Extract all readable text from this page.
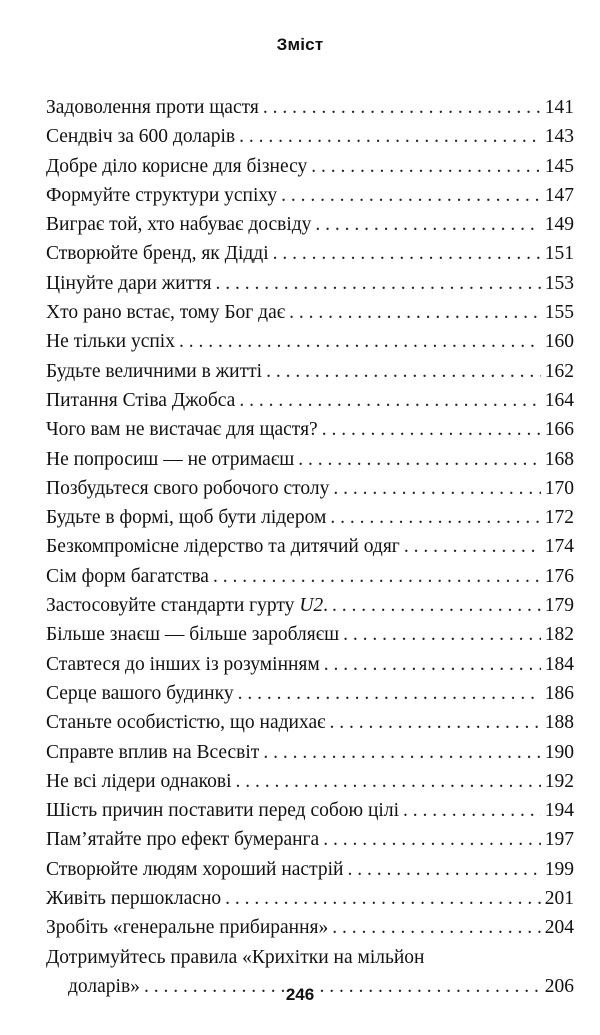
Зміст
Задоволення проти щастя . . .	141
Сендвіч за 600 доларів . . .	143
Добре діло корисне для бізнесу . . .	145
Формуйте структури успіху . . .	147
Виграє той, хто набуває досвіду . . .	149
Створюйте бренд, як Дідді . . .	151
Цінуйте дари життя . . .	153
Хто рано встає, тому Бог дає . . .	155
Не тільки успіх . . .	160
Будьте величними в житті . . .	162
Питання Стіва Джобса . . .	164
Чого вам не вистачає для щастя? . . .	166
Не попросиш — не отримаєш . . .	168
Позбудьтеся свого робочого столу . . .	170
Будьте в формі, щоб бути лідером . . .	172
Безкомпромісне лідерство та дитячий одяг . . .	174
Сім форм багатства . . .	176
Застосовуйте стандарти гурту U2. . . .	179
Більше знаєш — більше заробляєш . . .	182
Ставтеся до інших із розумінням . . .	184
Серце вашого будинку . . .	186
Станьте особистістю, що надихає . . .	188
Справте вплив на Всесвіт . . .	190
Не всі лідери однакові . . .	192
Шість причин поставити перед собою цілі . . .	194
Пам’ятайте про ефект бумеранга . . .	197
Створюйте людям хороший настрій . . .	199
Живіть першокласно . . .	201
Зробіть «генеральне прибирання» . . .	204
Дотримуйтесь правила «Крихітки на мільйон
доларів» . . .	206
246
